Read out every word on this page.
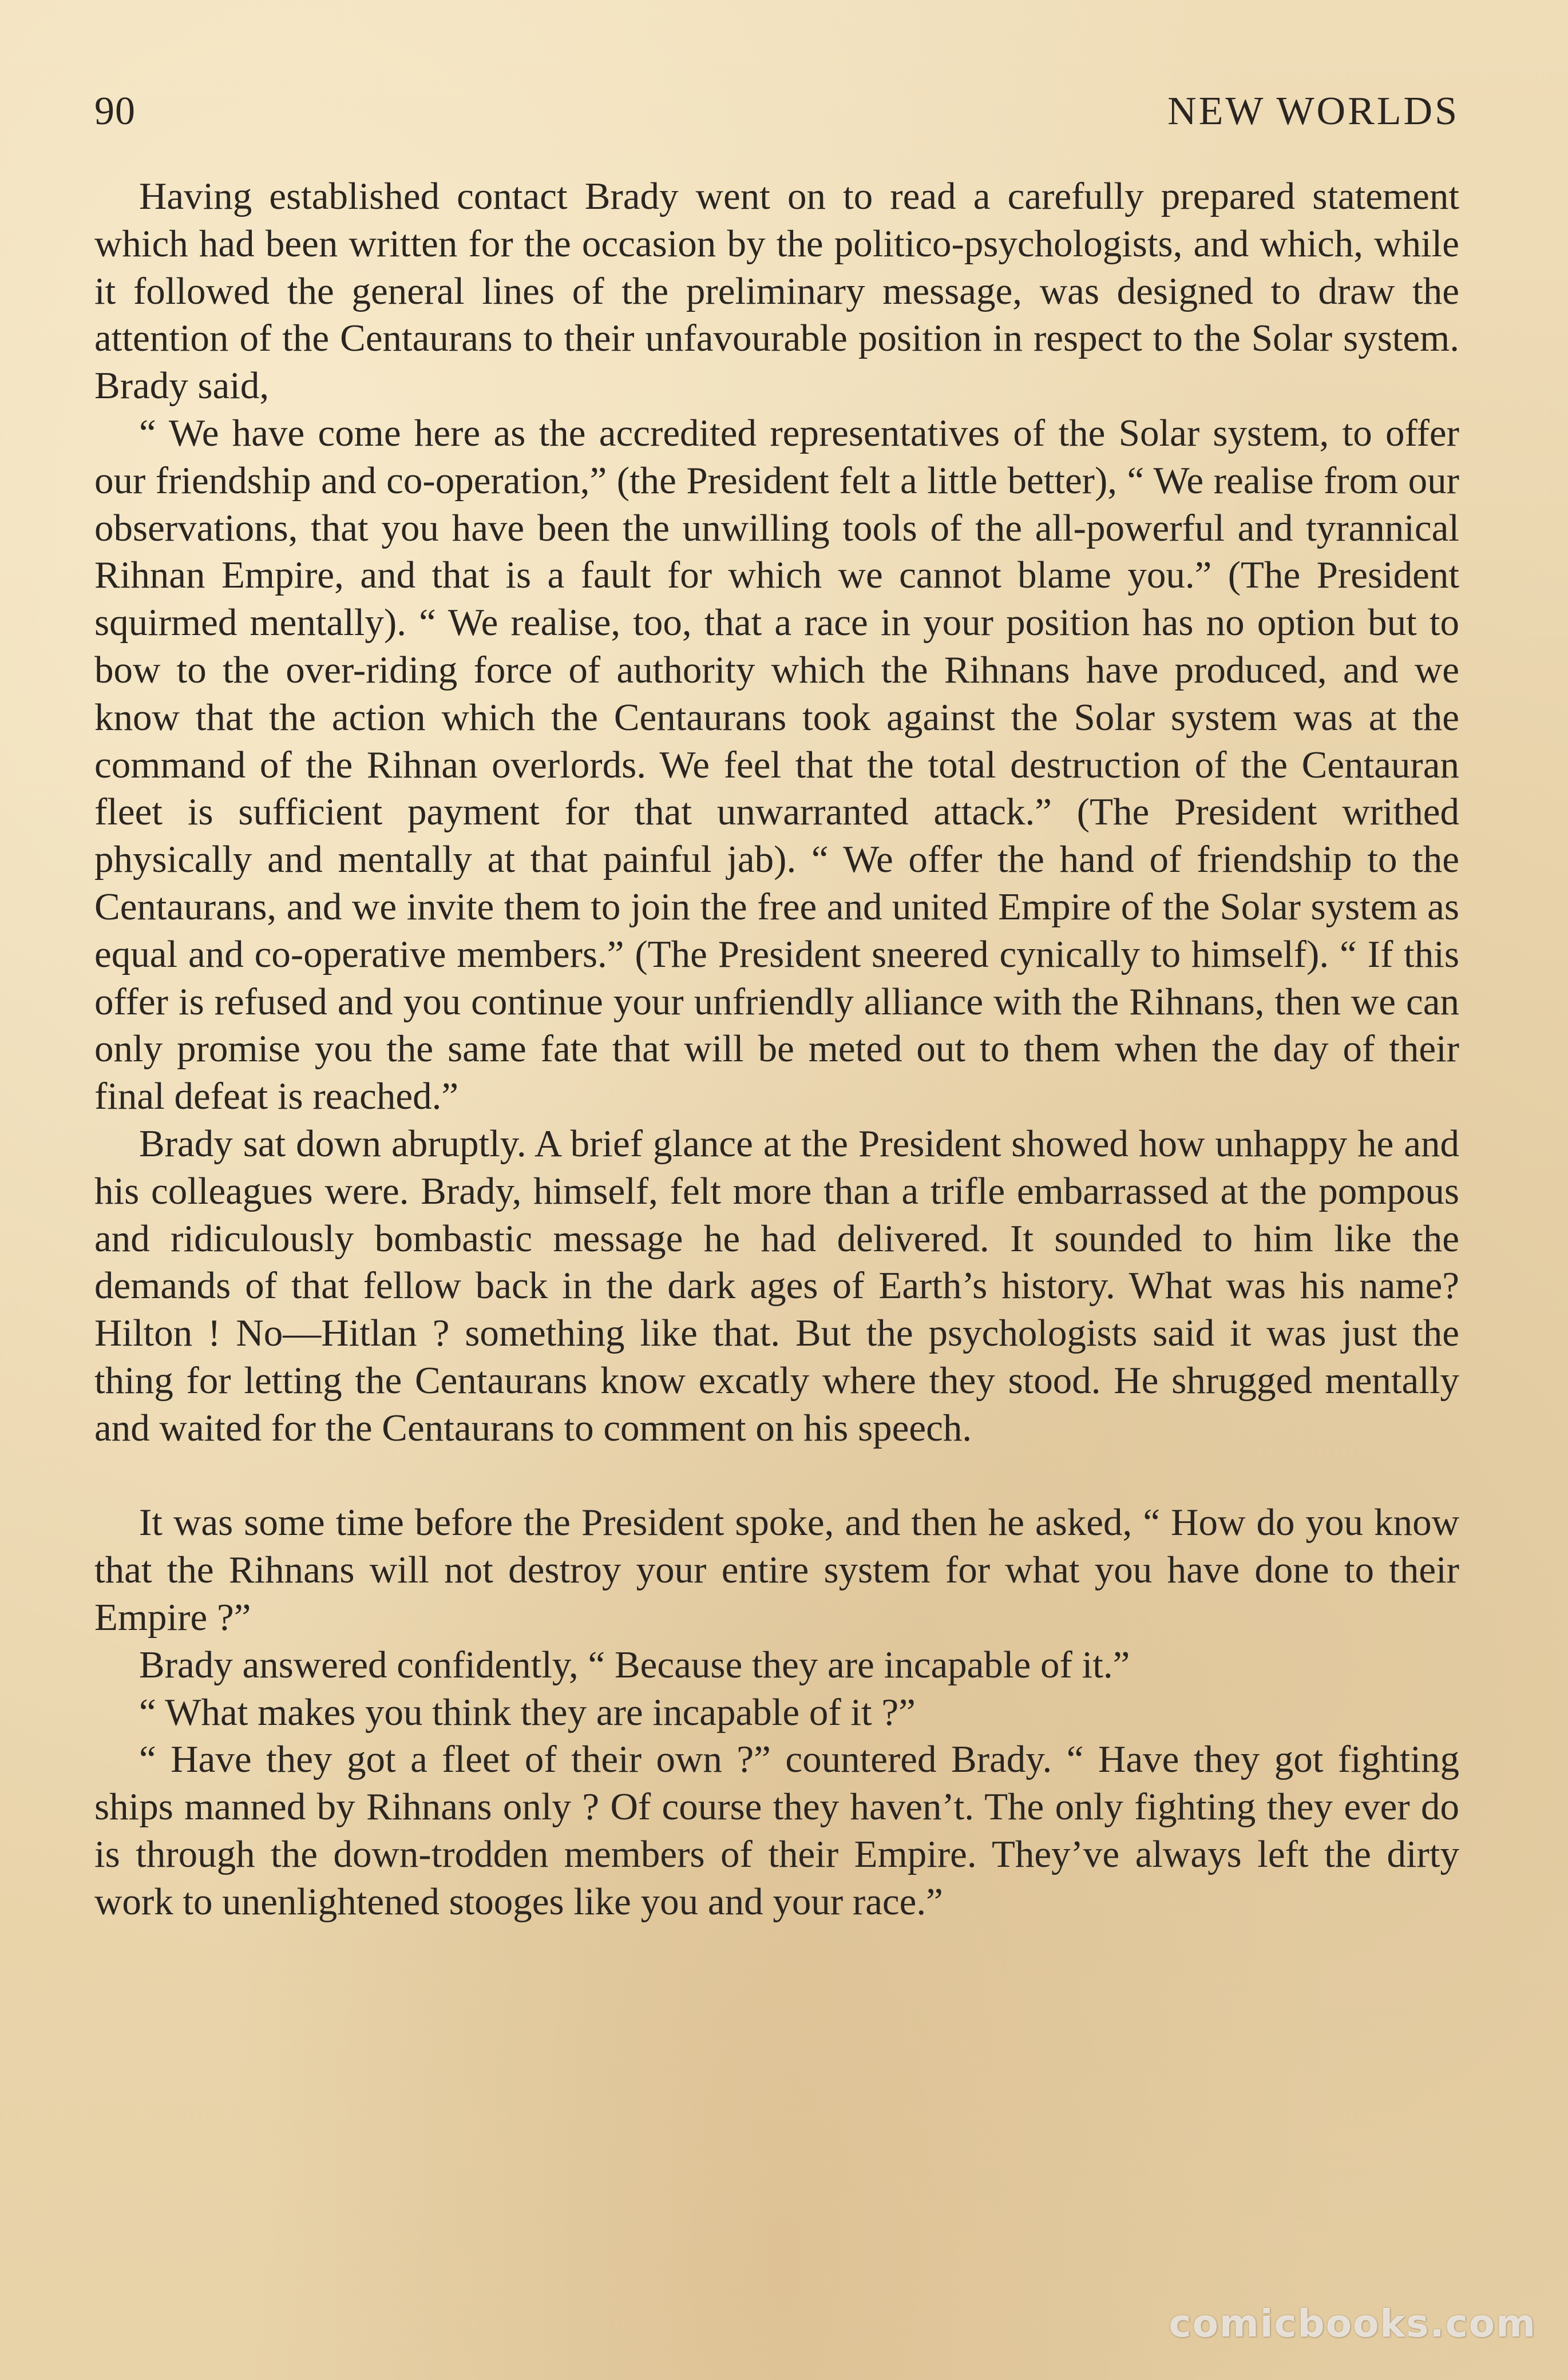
90	NEW WORLDS

Having established contact Brady went on to read a carefully prepared statement which had been written for the occasion by the politico-psychologists, and which, while it followed the general lines of the preliminary message, was designed to draw the attention of the Centaurans to their unfavourable position in respect to the Solar system. Brady said,

“ We have come here as the accredited representatives of the Solar system, to offer our friendship and co-operation,” (the President felt a little better), “ We realise from our observations, that you have been the unwilling tools of the all-powerful and tyrannical Rihnan Empire, and that is a fault for which we cannot blame you.” (The President squirmed mentally). “ We realise, too, that a race in your position has no option but to bow to the over-riding force of authority which the Rihnans have produced, and we know that the action which the Centaurans took against the Solar system was at the command of the Rihnan overlords. We feel that the total destruction of the Centauran fleet is sufficient payment for that unwarranted attack.” (The President writhed physically and mentally at that painful jab). “ We offer the hand of friendship to the Centaurans, and we invite them to join the free and united Empire of the Solar system as equal and co-operative members.” (The President sneered cynically to himself). “ If this offer is refused and you continue your unfriendly alliance with the Rihnans, then we can only promise you the same fate that will be meted out to them when the day of their final defeat is reached.”

Brady sat down abruptly. A brief glance at the President showed how unhappy he and his colleagues were. Brady, himself, felt more than a trifle embarrassed at the pompous and ridiculously bombastic message he had delivered. It sounded to him like the demands of that fellow back in the dark ages of Earth’s history. What was his name? Hilton ! No—Hitlan ? something like that. But the psychologists said it was just the thing for letting the Centaurans know excatly where they stood. He shrugged mentally and waited for the Centaurans to comment on his speech.

It was some time before the President spoke, and then he asked, “ How do you know that the Rihnans will not destroy your entire system for what you have done to their Empire ?”

Brady answered confidently, “ Because they are incapable of it.”

“ What makes you think they are incapable of it ?”

“ Have they got a fleet of their own ?” countered Brady. “ Have they got fighting ships manned by Rihnans only ? Of course they haven’t. The only fighting they ever do is through the down-trodden members of their Empire. They’ve always left the dirty work to unenlightened stooges like you and your race.”

comicbooks.com
